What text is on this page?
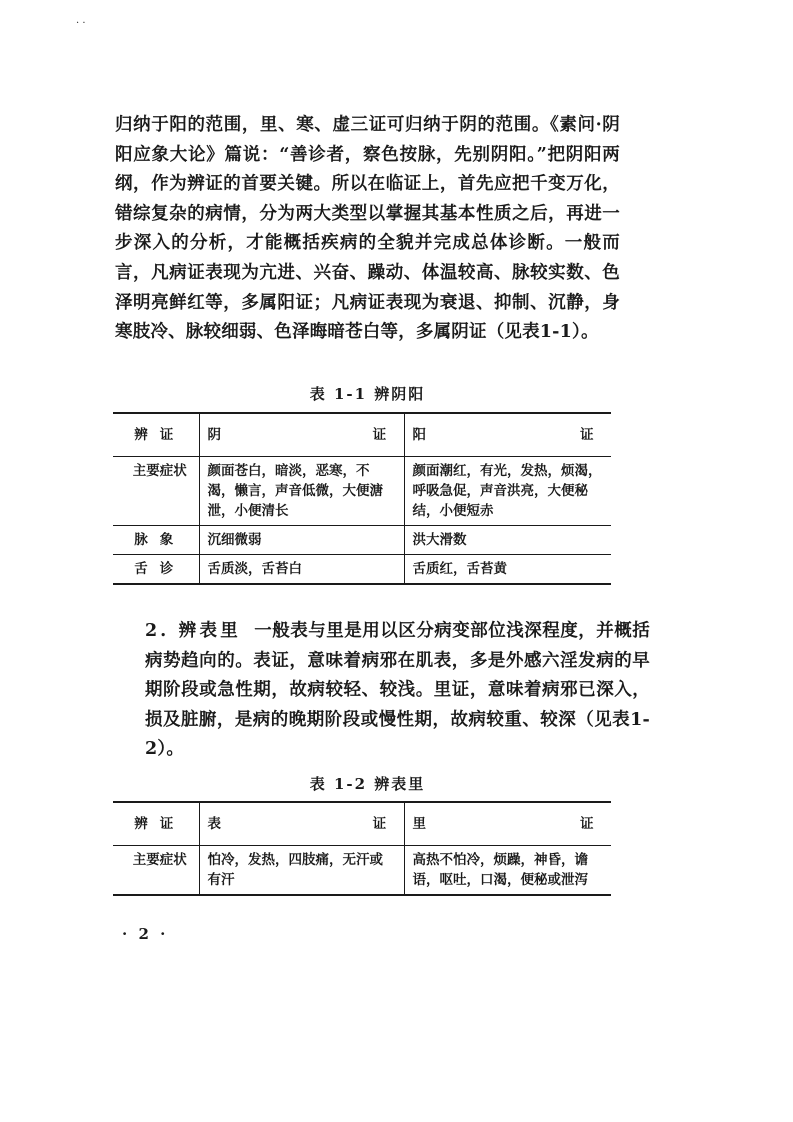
· ·

归纳于阳的范围，里、寒、虚三证可归纳于阴的范围。《素问·阴阳应象大论》篇说：“善诊者，察色按脉，先别阴阳。”把阴阳两纲，作为辨证的首要关键。所以在临证上，首先应把千变万化，错综复杂的病情，分为两大类型以掌握其基本性质之后，再进一步深入的分析，才能概括疾病的全貌并完成总体诊断。一般而言，凡病证表现为亢进、兴奋、躁动、体温较高、脉较实数、色泽明亮鲜红等，多属阳证；凡病证表现为衰退、抑制、沉静，身寒肢冷、脉较细弱、色泽晦暗苍白等，多属阴证（见表1-1）。

表 1-1 辨阴阳
辨证	阴 证	阳 证
主要症状	颜面苍白，暗淡，恶寒，不渴，懒言，声音低微，大便溏泄，小便清长	颜面潮红，有光，发热，烦渴，呼吸急促，声音洪亮，大便秘结，小便短赤
脉象	沉细微弱	洪大滑数
舌诊	舌质淡，舌苔白	舌质红，舌苔黄

2. 辨表里 一般表与里是用以区分病变部位浅深程度，并概括病势趋向的。表证，意味着病邪在肌表，多是外感六淫发病的早期阶段或急性期，故病较轻、较浅。里证，意味着病邪已深入，损及脏腑，是病的晚期阶段或慢性期，故病较重、较深（见表1-2）。

表 1-2 辨表里
辨证	表 证	里 证
主要症状	怕冷，发热，四肢痛，无汗或有汗	高热不怕冷，烦躁，神昏，谵语，呕吐，口渴，便秘或泄泻
· 2 ·
